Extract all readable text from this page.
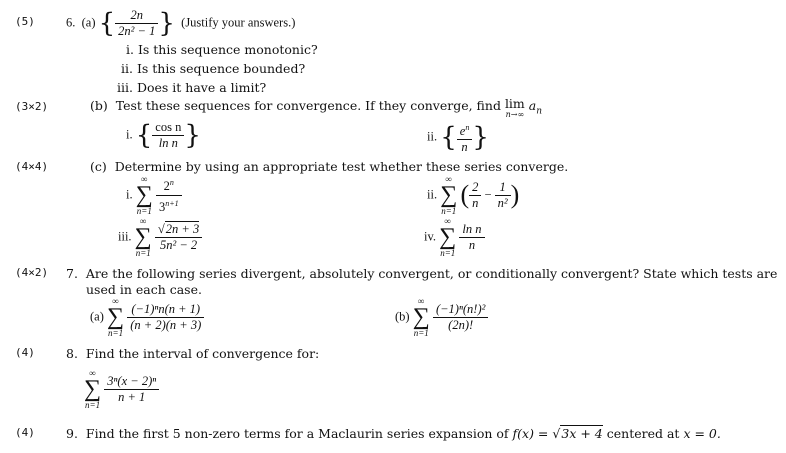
(5)
(3×2)
(4×4)
(4×2)
(4)
(4)
6. (a) { $\frac{2n}{\text{2n² − 1}}$ } (Justify your answers.)
i. Is this sequence monotonic?
ii. Is this sequence bounded?
iii. Does it have a limit?
(b) Test these sequences for convergence. If they converge, find lim
n→∞
$a_n$
i. { $\frac{\text{cos n}}{\text{ln n}}$ }	ii. { $\frac{e^n}{n}$ }
(c) Determine by using an appropriate test whether these series converge.
i.
∞
∑
n=1
$\frac{2^n}{3^{n+1}}$	ii.
∞
∑
n=1
( $\frac{2}{n} - \frac{1}{\text{n²}}$ )
iii.
∞
∑
n=1

$\frac{√2n + 3}{\text{5n² − 2}}$	iv.
∞
∑
n=1

$\frac{\text{ln n}}{n}$
7. Are the following series divergent, absolutely convergent, or conditionally convergent? State which tests are
used in each case.
(a)
∞
∑
n=1

$\frac{\text{(−1)ⁿn(n + 1)}}{(n + 2)(n + 3)}$	(b)
∞
∑
n=1

$\frac{\text{(−1)ⁿ(n!)²}}{(2n)!}$
8. Find the interval of convergence for:
∞
∑
n=1

$\frac{\text{3ⁿ(x − 2)ⁿ}}{n + 1}$
9. Find the first 5 non-zero terms for a Maclaurin series expansion of f(x) = √3x + 4 centered at x = 0.
